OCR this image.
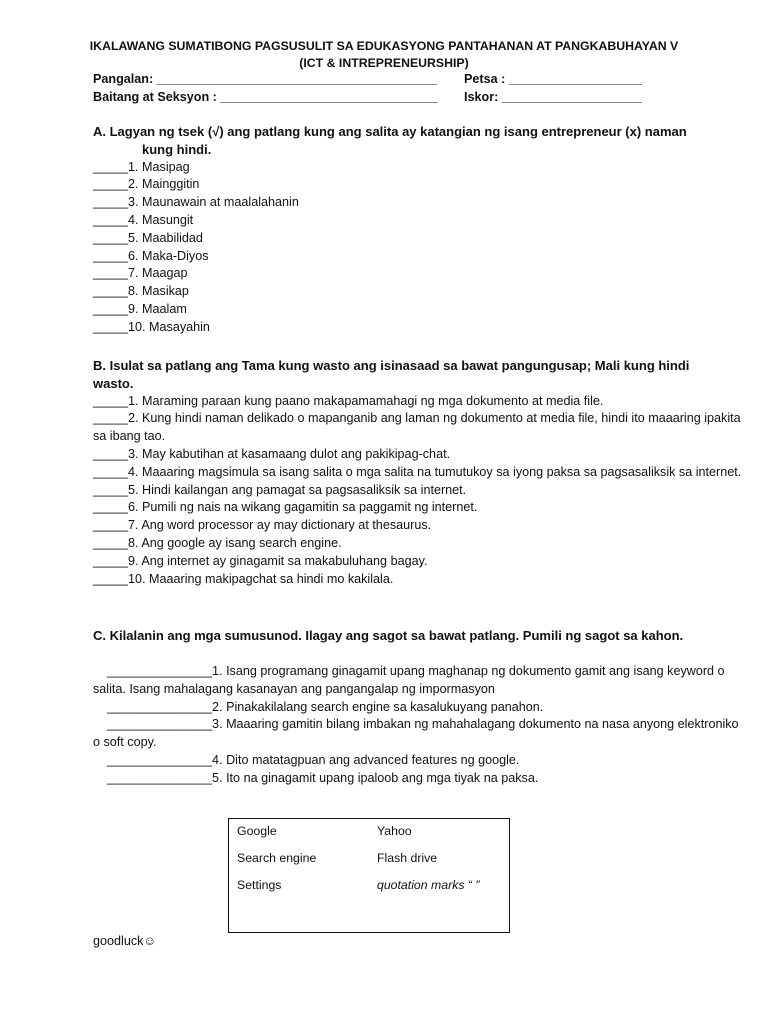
IKALAWANG SUMATIBONG PAGSUSULIT SA EDUKASYONG PANTAHANAN AT PANGKABUHAYAN V
(ICT & INTREPRENEURSHIP)
Pangalan: ________________________________________ Petsa : ___________________
Baitang at Seksyon : _______________________________ Iskor: ____________________

A. Lagyan ng tsek (√) ang patlang kung ang salita ay katangian ng isang entrepreneur (x) naman
kung hindi.

_____1. Masipag

_____2. Mainggitin

_____3. Maunawain at maalalahanin

_____4. Masungit

_____5. Maabilidad

_____6. Maka-Diyos

_____7. Maagap

_____8. Masikap

_____9. Maalam

_____10. Masayahin

B. Isulat sa patlang ang Tama kung wasto ang isinasaad sa bawat pangungusap; Mali kung hindi
wasto.

_____1. Maraming paraan kung paano makapamamahagi ng mga dokumento at media file.

_____2. Kung hindi naman delikado o mapanganib ang laman ng dokumento at media file, hindi ito maaaring ipakita sa ibang tao.

_____3. May kabutihan at kasamaang dulot ang pakikipag-chat.

_____4. Maaaring magsimula sa isang salita o mga salita na tumutukoy sa iyong paksa sa pagsasaliksik sa internet.

_____5. Hindi kailangan ang pamagat sa pagsasaliksik sa internet.

_____6. Pumili ng nais na wikang gagamitin sa paggamit ng internet.

_____7. Ang word processor ay may dictionary at thesaurus.

_____8. Ang google ay isang search engine.

_____9. Ang internet ay ginagamit sa makabuluhang bagay.

_____10. Maaaring makipagchat sa hindi mo kakilala.

C. Kilalanin ang mga sumusunod. Ilagay ang sagot sa bawat patlang. Pumili ng sagot sa kahon.

_______________1. Isang programang ginagamit upang maghanap ng dokumento gamit ang isang keyword o salita. Isang mahalagang kasanayan ang pangangalap ng impormasyon

_______________2. Pinakakilalang search engine sa kasalukuyang panahon.

_______________3. Maaaring gamitin bilang imbakan ng mahahalagang dokumento na nasa anyong elektroniko o soft copy.

_______________4. Dito matatagpuan ang advanced features ng google.

_______________5. Ito na ginagamit upang ipaloob ang mga tiyak na paksa.

Google	Yahoo
Search engine	Flash drive
Settings	quotation marks “ ”
goodluck☺
